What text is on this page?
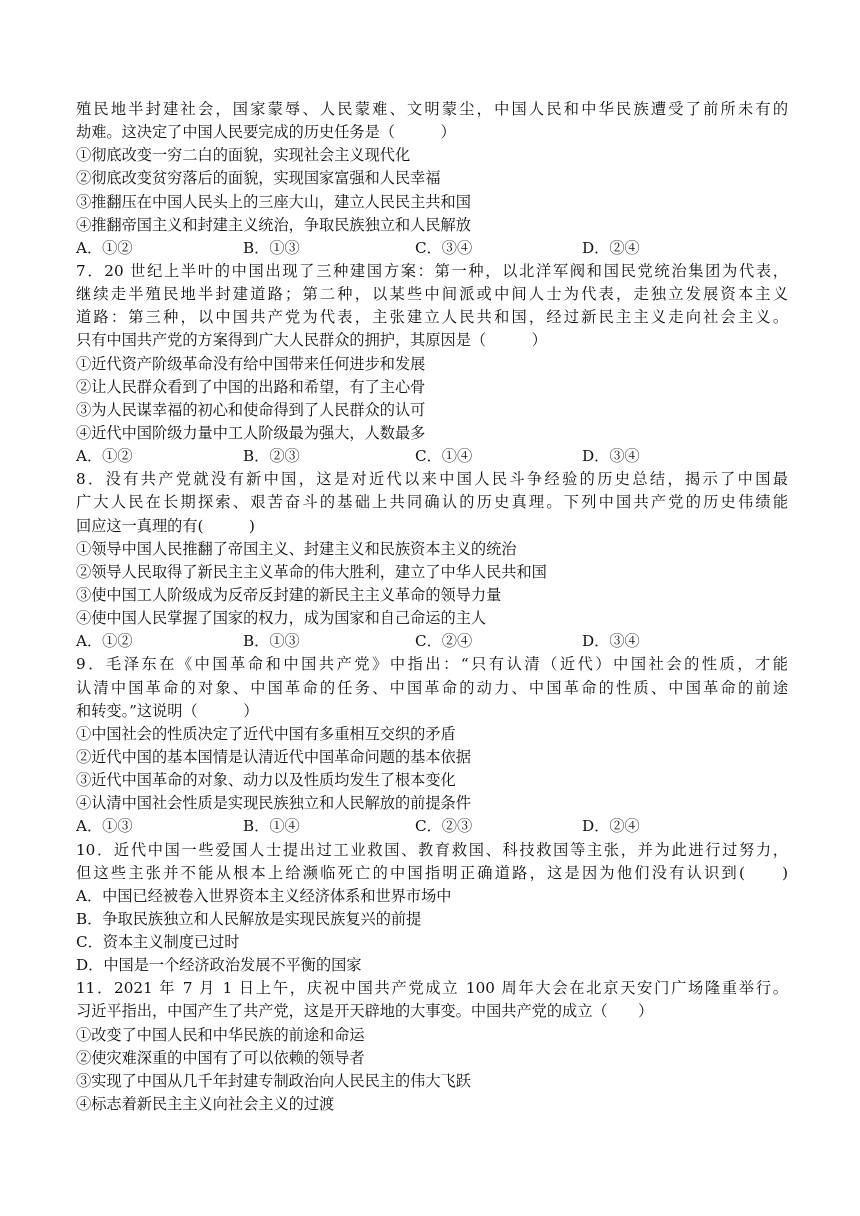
殖民地半封建社会，国家蒙辱、人民蒙难、文明蒙尘，中国人民和中华民族遭受了前所未有的
劫难。这决定了中国人民要完成的历史任务是（　　　）
①彻底改变一穷二白的面貌，实现社会主义现代化
②彻底改变贫穷落后的面貌，实现国家富强和人民幸福
③推翻压在中国人民头上的三座大山，建立人民民主共和国
④推翻帝国主义和封建主义统治，争取民族独立和人民解放
A．①②	B．①③	C．③④	D．②④
7．20 世纪上半叶的中国出现了三种建国方案：第一种，以北洋军阀和国民党统治集团为代表，
继续走半殖民地半封建道路；第二种，以某些中间派或中间人士为代表，走独立发展资本主义
道路：第三种，以中国共产党为代表，主张建立人民共和国，经过新民主主义走向社会主义。
只有中国共产党的方案得到广大人民群众的拥护，其原因是（　　　）
①近代资产阶级革命没有给中国带来任何进步和发展
②让人民群众看到了中国的出路和希望，有了主心骨
③为人民谋幸福的初心和使命得到了人民群众的认可
④近代中国阶级力量中工人阶级最为强大，人数最多
A．①②	B．②③	C．①④	D．③④
8．没有共产党就没有新中国，这是对近代以来中国人民斗争经验的历史总结，揭示了中国最
广大人民在长期探索、艰苦奋斗的基础上共同确认的历史真理。下列中国共产党的历史伟绩能
回应这一真理的有(　　　)
①领导中国人民推翻了帝国主义、封建主义和民族资本主义的统治
②领导人民取得了新民主主义革命的伟大胜利，建立了中华人民共和国
③使中国工人阶级成为反帝反封建的新民主主义革命的领导力量
④使中国人民掌握了国家的权力，成为国家和自己命运的主人
A．①②	B．①③	C．②④	D．③④
9．毛泽东在《中国革命和中国共产党》中指出：“只有认清（近代）中国社会的性质，才能
认清中国革命的对象、中国革命的任务、中国革命的动力、中国革命的性质、中国革命的前途
和转变。”这说明（　　　）
①中国社会的性质决定了近代中国有多重相互交织的矛盾
②近代中国的基本国情是认清近代中国革命问题的基本依据
③近代中国革命的对象、动力以及性质均发生了根本变化
④认清中国社会性质是实现民族独立和人民解放的前提条件
A．①③	B．①④	C．②③	D．②④
10．近代中国一些爱国人士提出过工业救国、教育救国、科技救国等主张，并为此进行过努力，
但这些主张并不能从根本上给濒临死亡的中国指明正确道路，这是因为他们没有认识到(　　)
A．中国已经被卷入世界资本主义经济体系和世界市场中
B．争取民族独立和人民解放是实现民族复兴的前提
C．资本主义制度已过时
D．中国是一个经济政治发展不平衡的国家
11．2021 年 7 月 1 日上午，庆祝中国共产党成立 100 周年大会在北京天安门广场隆重举行。
习近平指出，中国产生了共产党，这是开天辟地的大事变。中国共产党的成立（　　）
①改变了中国人民和中华民族的前途和命运
②使灾难深重的中国有了可以依赖的领导者
③实现了中国从几千年封建专制政治向人民民主的伟大飞跃
④标志着新民主主义向社会主义的过渡
